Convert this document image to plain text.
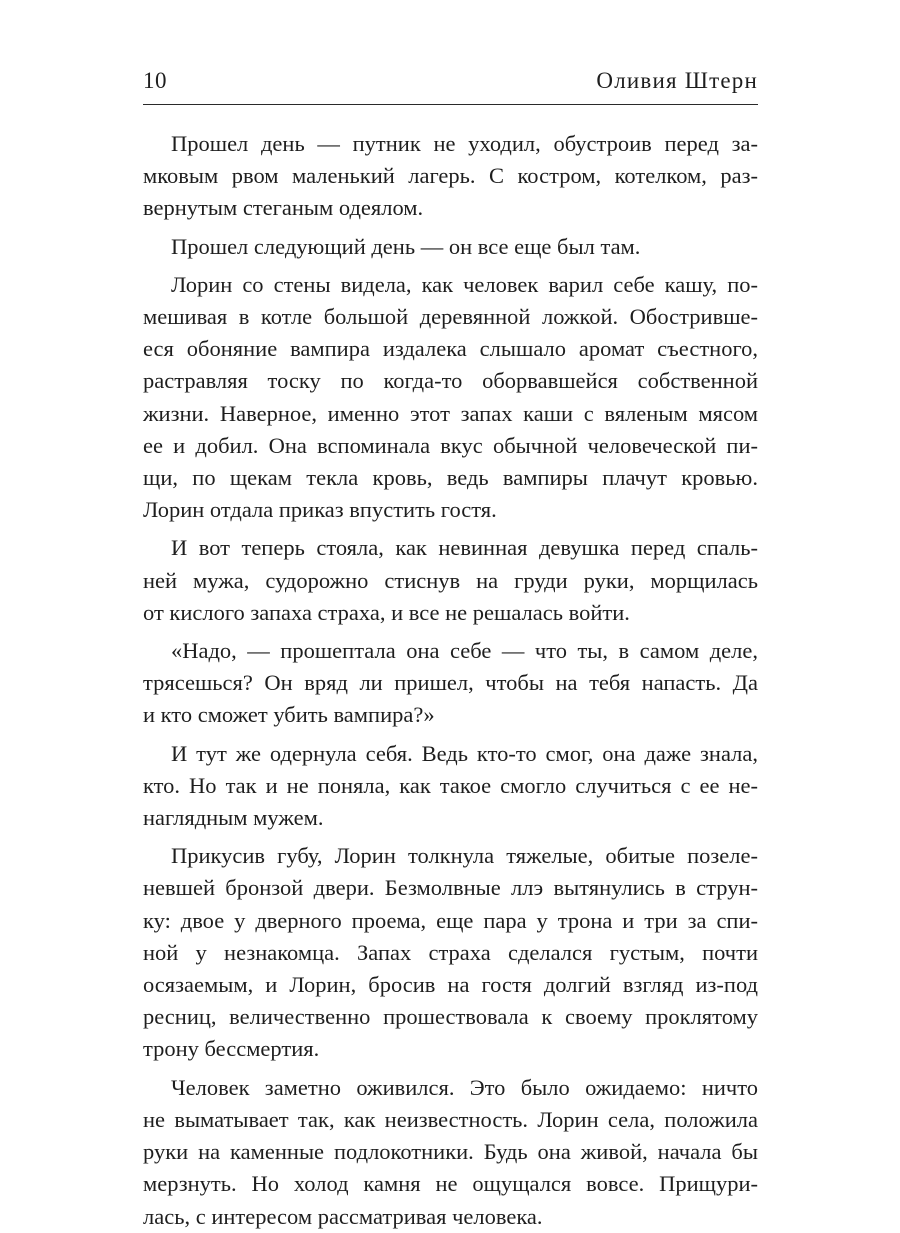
10	Оливия Штерн

Прошел день — путник не уходил, обустроив перед за-
мковым рвом маленький лагерь. С костром, котелком, раз-
вернутым стеганым одеялом.

Прошел следующий день — он все еще был там.

Лорин со стены видела, как человек варил себе кашу, по-
мешивая в котле большой деревянной ложкой. Обострившe-
еся обоняние вампира издалека слышало аромат съестного,
растравляя тоску по когда-то оборвавшейся собственной
жизни. Наверное, именно этот запах каши с вяленым мясом
ее и добил. Она вспоминала вкус обычной человеческой пи-
щи, по щекам текла кровь, ведь вампиры плачут кровью.
Лорин отдала приказ впустить гостя.

И вот теперь стояла, как невинная девушка перед спаль-
ней мужа, судорожно стиснув на груди руки, морщилась
от кислого запаха страха, и все не решалась войти.

«Надо, — прошептала она себе — что ты, в самом деле,
трясешься? Он вряд ли пришел, чтобы на тебя напасть. Да
и кто сможет убить вампира?»

И тут же одернула себя. Ведь кто-то смог, она даже знала,
кто. Но так и не поняла, как такое смогло случиться с ее не-
наглядным мужем.

Прикусив губу, Лорин толкнула тяжелые, обитые позеле-
невшей бронзой двери. Безмолвные ллэ вытянулись в струн-
ку: двое у дверного проема, еще пара у трона и три за спи-
ной у незнакомца. Запах страха сделался густым, почти
осязаемым, и Лорин, бросив на гостя долгий взгляд из-под
ресниц, величественно прошествовала к своему проклятому
трону бессмертия.

Человек заметно оживился. Это было ожидаемо: ничто
не выматывает так, как неизвестность. Лорин села, положила
руки на каменные подлокотники. Будь она живой, начала бы
мерзнуть. Но холод камня не ощущался вовсе. Прищури-
лась, с интересом рассматривая человека.
